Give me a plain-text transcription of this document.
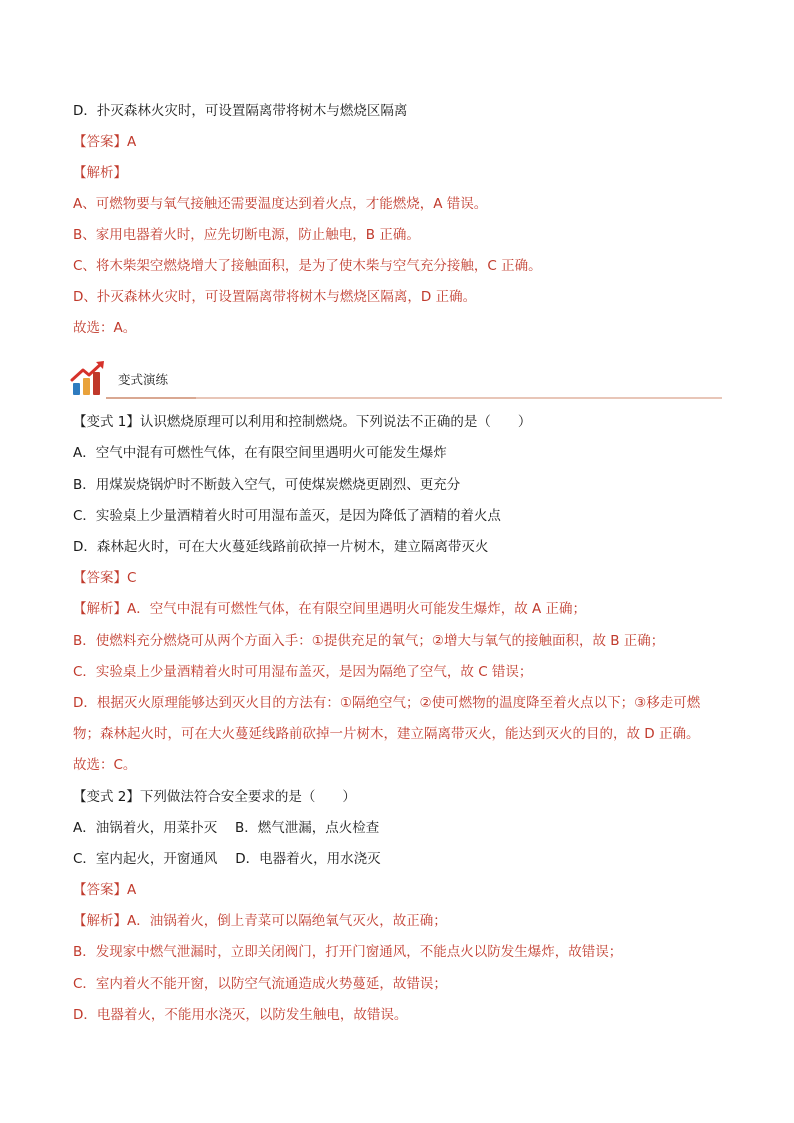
D．扑灭森林火灾时，可设置隔离带将树木与燃烧区隔离
【答案】A
【解析】
A、可燃物要与氧气接触还需要温度达到着火点，才能燃烧，A 错误。
B、家用电器着火时，应先切断电源，防止触电，B 正确。
C、将木柴架空燃烧增大了接触面积，是为了使木柴与空气充分接触，C 正确。
D、扑灭森林火灾时，可设置隔离带将树木与燃烧区隔离，D 正确。
故选：A。
变式演练
【变式 1】认识燃烧原理可以利用和控制燃烧。下列说法不正确的是（　　）
A．空气中混有可燃性气体，在有限空间里遇明火可能发生爆炸
B．用煤炭烧锅炉时不断鼓入空气，可使煤炭燃烧更剧烈、更充分
C．实验桌上少量酒精着火时可用湿布盖灭，是因为降低了酒精的着火点
D．森林起火时，可在大火蔓延线路前砍掉一片树木，建立隔离带灭火
【答案】C
【解析】A．空气中混有可燃性气体，在有限空间里遇明火可能发生爆炸，故 A 正确；
B．使燃料充分燃烧可从两个方面入手：①提供充足的氧气；②增大与氧气的接触面积，故 B 正确；
C．实验桌上少量酒精着火时可用湿布盖灭，是因为隔绝了空气，故 C 错误；
D．根据灭火原理能够达到灭火目的方法有：①隔绝空气；②使可燃物的温度降至着火点以下；③移走可燃
物；森林起火时，可在大火蔓延线路前砍掉一片树木，建立隔离带灭火，能达到灭火的目的，故 D 正确。
故选：C。
【变式 2】下列做法符合安全要求的是（　　）
A．油锅着火，用菜扑灭　 B．燃气泄漏，点火检查
C．室内起火，开窗通风　 D．电器着火，用水浇灭
【答案】A
【解析】A．油锅着火，倒上青菜可以隔绝氧气灭火，故正确；
B．发现家中燃气泄漏时，立即关闭阀门，打开门窗通风，不能点火以防发生爆炸，故错误；
C．室内着火不能开窗，以防空气流通造成火势蔓延，故错误；
D．电器着火，不能用水浇灭，以防发生触电，故错误。
